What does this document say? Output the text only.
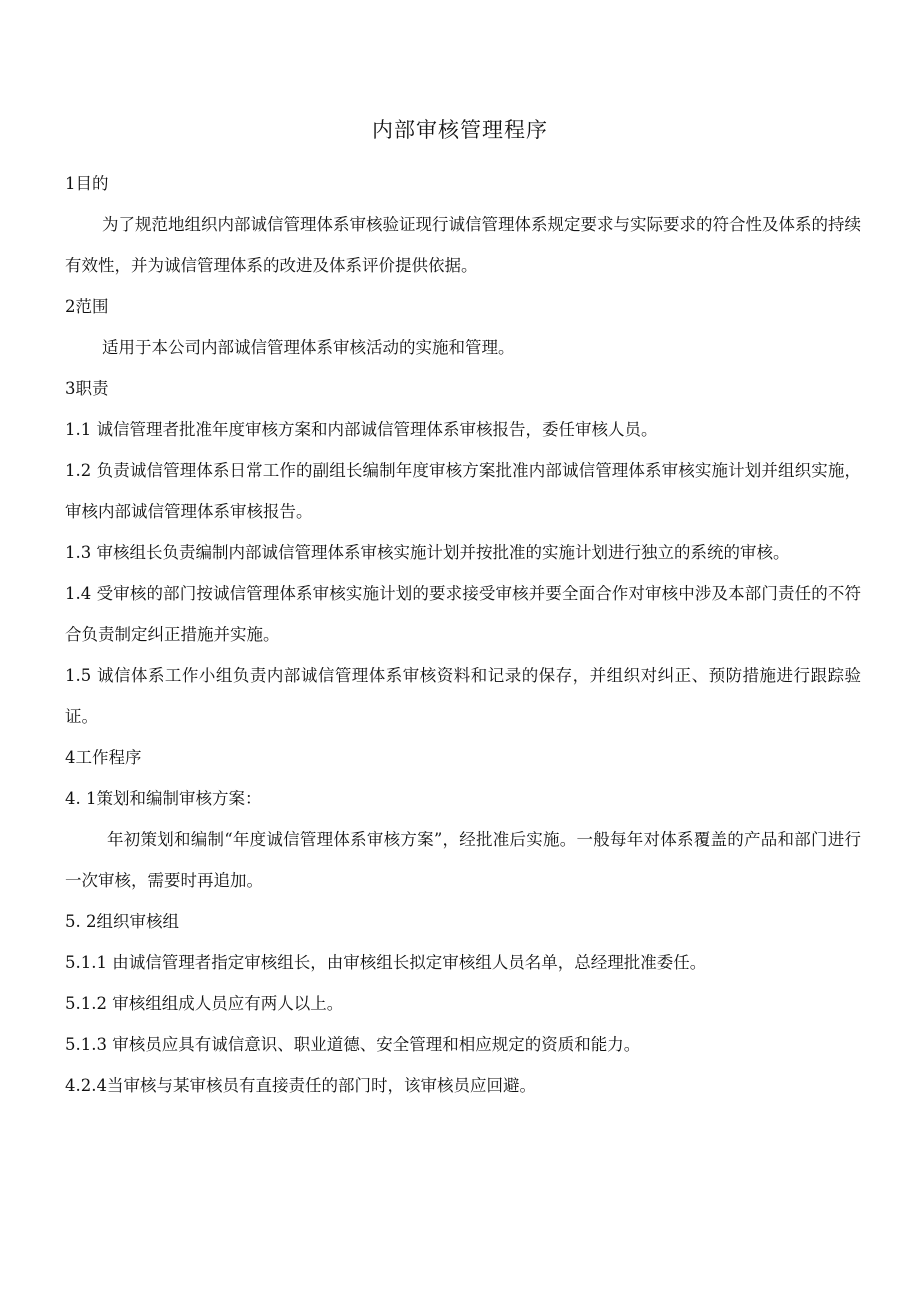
内部审核管理程序

1目的

为了规范地组织内部诚信管理体系审核验证现行诚信管理体系规定要求与实际要求的符合性及体系的持续有效性，并为诚信管理体系的改进及体系评价提供依据。

2范围

适用于本公司内部诚信管理体系审核活动的实施和管理。

3职责

1.1 诚信管理者批准年度审核方案和内部诚信管理体系审核报告，委任审核人员。

1.2 负责诚信管理体系日常工作的副组长编制年度审核方案批准内部诚信管理体系审核实施计划并组织实施，审核内部诚信管理体系审核报告。

1.3 审核组长负责编制内部诚信管理体系审核实施计划并按批准的实施计划进行独立的系统的审核。

1.4 受审核的部门按诚信管理体系审核实施计划的要求接受审核并要全面合作对审核中涉及本部门责任的不符合负责制定纠正措施并实施。

1.5 诚信体系工作小组负责内部诚信管理体系审核资料和记录的保存，并组织对纠正、预防措施进行跟踪验证。

4工作程序

4. 1策划和编制审核方案：

年初策划和编制“年度诚信管理体系审核方案”，经批准后实施。一般每年对体系覆盖的产品和部门进行一次审核，需要时再追加。

5. 2组织审核组

5.1.1 由诚信管理者指定审核组长，由审核组长拟定审核组人员名单，总经理批准委任。

5.1.2 审核组组成人员应有两人以上。

5.1.3 审核员应具有诚信意识、职业道德、安全管理和相应规定的资质和能力。

4.2.4当审核与某审核员有直接责任的部门时，该审核员应回避。
